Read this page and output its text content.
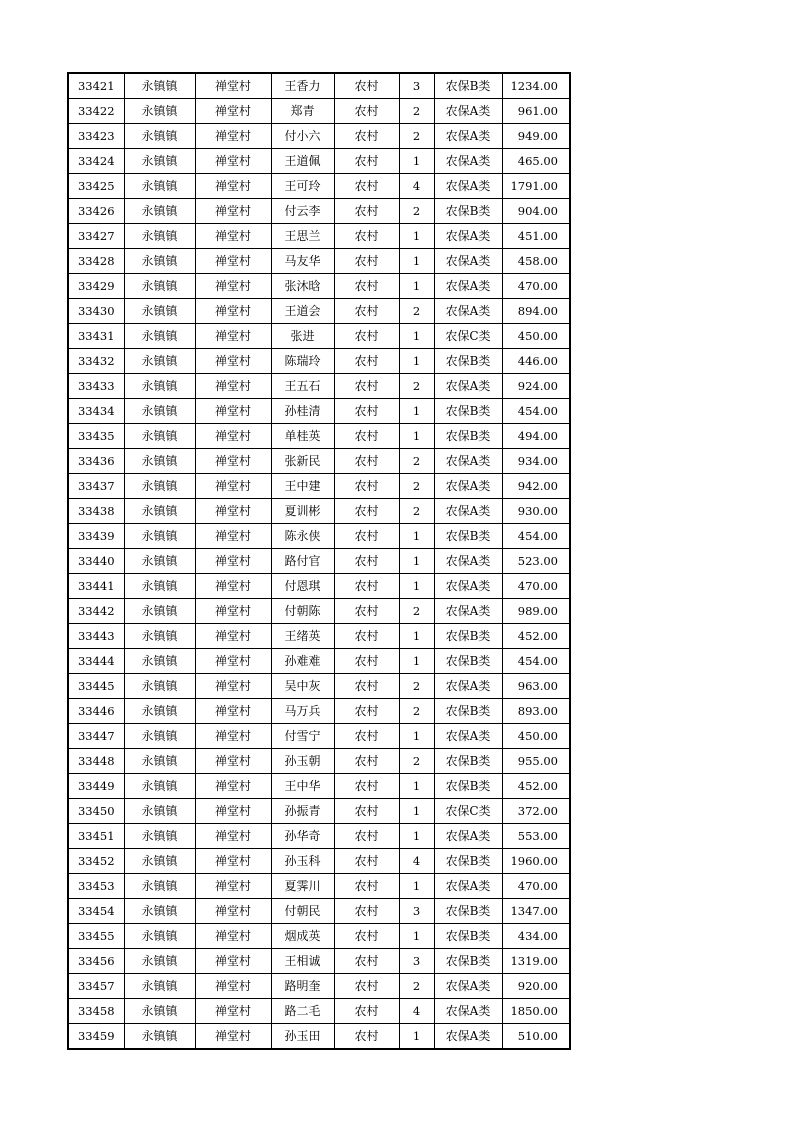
33421	永镇镇	禅堂村	王香力	农村	3	农保B类	1234.00
33422	永镇镇	禅堂村	郑青	农村	2	农保A类	961.00
33423	永镇镇	禅堂村	付小六	农村	2	农保A类	949.00
33424	永镇镇	禅堂村	王道佩	农村	1	农保A类	465.00
33425	永镇镇	禅堂村	王可玲	农村	4	农保A类	1791.00
33426	永镇镇	禅堂村	付云李	农村	2	农保B类	904.00
33427	永镇镇	禅堂村	王思兰	农村	1	农保A类	451.00
33428	永镇镇	禅堂村	马友华	农村	1	农保A类	458.00
33429	永镇镇	禅堂村	张沐晗	农村	1	农保A类	470.00
33430	永镇镇	禅堂村	王道会	农村	2	农保A类	894.00
33431	永镇镇	禅堂村	张进	农村	1	农保C类	450.00
33432	永镇镇	禅堂村	陈瑞玲	农村	1	农保B类	446.00
33433	永镇镇	禅堂村	王五石	农村	2	农保A类	924.00
33434	永镇镇	禅堂村	孙桂清	农村	1	农保B类	454.00
33435	永镇镇	禅堂村	单桂英	农村	1	农保B类	494.00
33436	永镇镇	禅堂村	张新民	农村	2	农保A类	934.00
33437	永镇镇	禅堂村	王中建	农村	2	农保A类	942.00
33438	永镇镇	禅堂村	夏训彬	农村	2	农保A类	930.00
33439	永镇镇	禅堂村	陈永侠	农村	1	农保B类	454.00
33440	永镇镇	禅堂村	路付官	农村	1	农保A类	523.00
33441	永镇镇	禅堂村	付恩琪	农村	1	农保A类	470.00
33442	永镇镇	禅堂村	付朝陈	农村	2	农保A类	989.00
33443	永镇镇	禅堂村	王绪英	农村	1	农保B类	452.00
33444	永镇镇	禅堂村	孙难难	农村	1	农保B类	454.00
33445	永镇镇	禅堂村	吴中灰	农村	2	农保A类	963.00
33446	永镇镇	禅堂村	马万兵	农村	2	农保B类	893.00
33447	永镇镇	禅堂村	付雪宁	农村	1	农保A类	450.00
33448	永镇镇	禅堂村	孙玉朝	农村	2	农保B类	955.00
33449	永镇镇	禅堂村	王中华	农村	1	农保B类	452.00
33450	永镇镇	禅堂村	孙振青	农村	1	农保C类	372.00
33451	永镇镇	禅堂村	孙华奇	农村	1	农保A类	553.00
33452	永镇镇	禅堂村	孙玉科	农村	4	农保B类	1960.00
33453	永镇镇	禅堂村	夏霁川	农村	1	农保A类	470.00
33454	永镇镇	禅堂村	付朝民	农村	3	农保B类	1347.00
33455	永镇镇	禅堂村	烟成英	农村	1	农保B类	434.00
33456	永镇镇	禅堂村	王相诚	农村	3	农保B类	1319.00
33457	永镇镇	禅堂村	路明奎	农村	2	农保A类	920.00
33458	永镇镇	禅堂村	路二毛	农村	4	农保A类	1850.00
33459	永镇镇	禅堂村	孙玉田	农村	1	农保A类	510.00
